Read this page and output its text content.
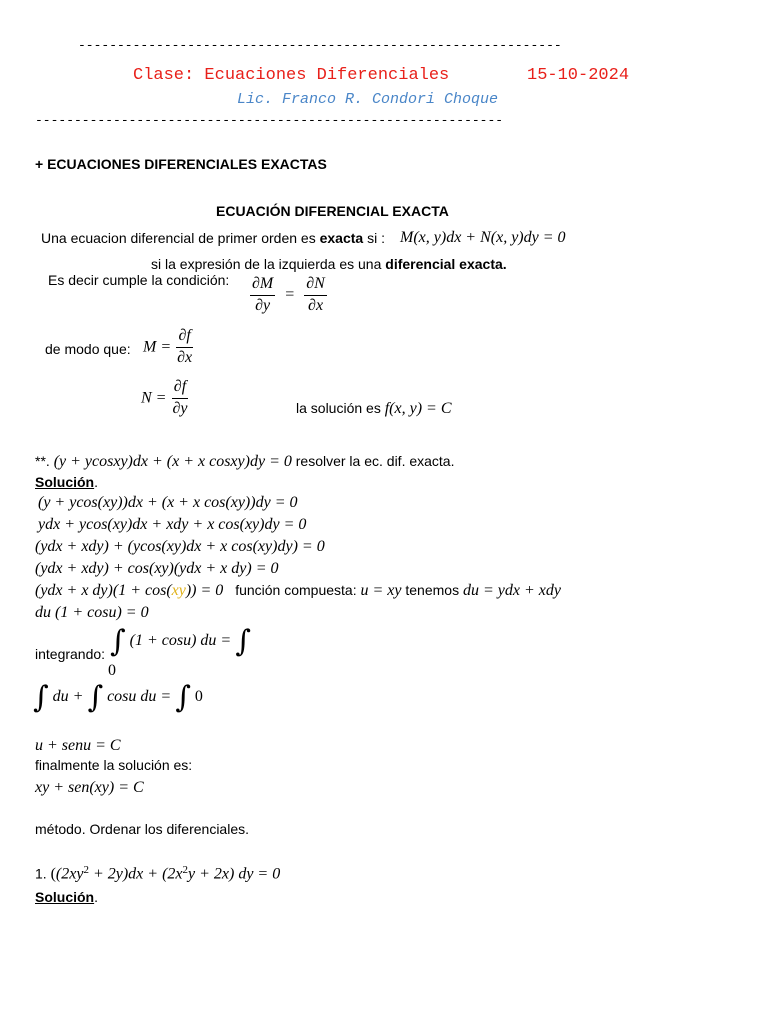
--------------------------------------------------------------
Clase: Ecuaciones Diferenciales	15-10-2024
Lic. Franco R. Condori Choque
------------------------------------------------------------
+ ECUACIONES DIFERENCIALES EXACTAS
ECUACIÓN DIFERENCIAL EXACTA
Una ecuacion diferencial de primer orden es exacta si : M(x, y)dx + N(x, y)dy = 0
si la expresión de la izquierda es una diferencial exacta.
Es decir cumple la condición: $\frac{\partial M}{\partial y} = \frac{\partial N}{\partial x}$
de modo que: $M = \frac{\partial f}{\partial x}$
$N = \frac{\partial f}{\partial y}$	la solución es f(x, y) = C
**. (y + ycosxy)dx + (x + x cosxy)dy = 0 resolver la ec. dif. exacta.
Solución.
(y + ycos(xy))dx + (x + x cos(xy))dy = 0
ydx + ycos(xy)dx + xdy + x cos(xy)dy = 0
(ydx + xdy) + (ycos(xy)dx + x cos(xy)dy) = 0
(ydx + xdy) + cos(xy)(ydx + x dy) = 0
(ydx + x dy)(1 + cos(xy)) = 0 función compuesta: u = xy tenemos du = ydx + xdy
du (1 + cosu) = 0
integrando: ∫ (1 + cosu) du = ∫
0
∫ du + ∫ cosu du = ∫ 0
u + senu = C
finalmente la solución es:
xy + sen(xy) = C
método. Ordenar los diferenciales.
1. ($(2xy^2 + 2y)dx + (2x^2y + 2x)$ dy = 0
Solución.
